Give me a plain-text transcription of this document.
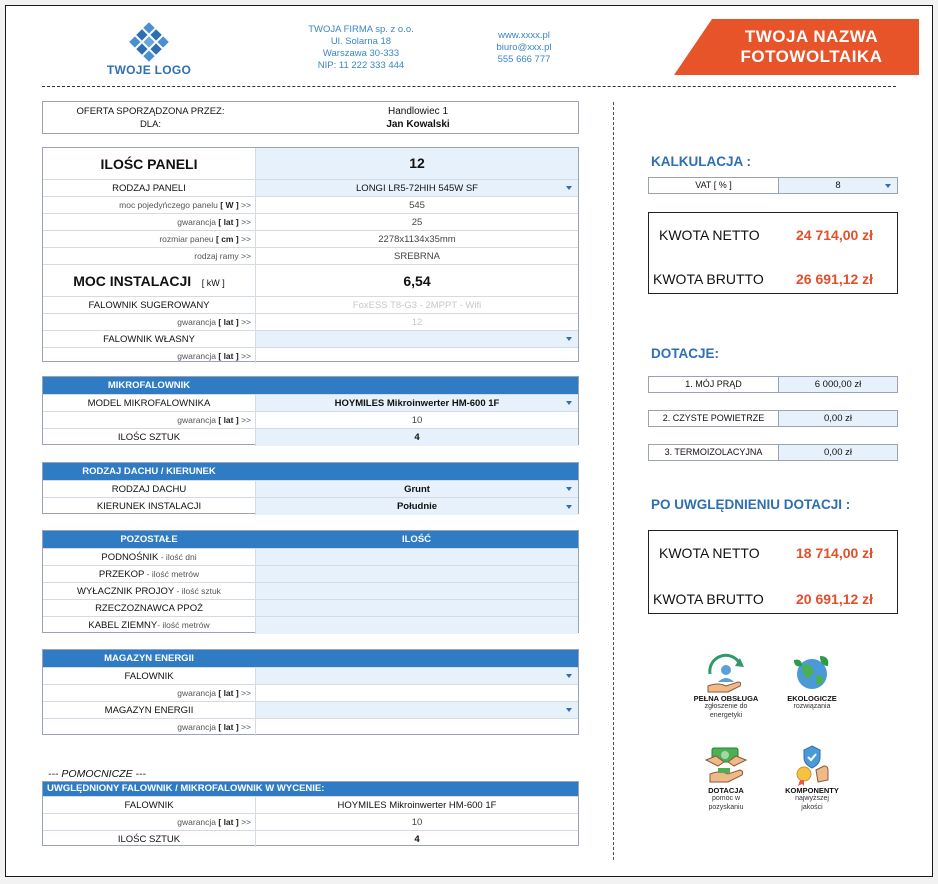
TWOJE LOGO
TWOJA FIRMA sp. z o.o.
Ul. Solarna 18
Warszawa 30-333
NIP: 11 222 333 444
www.xxxx.pl
biuro@xxx.pl
555 666 777
TWOJA NAZWA
FOTOWOLTAIKA
OFERTA SPORZĄDZONA PRZEZ:
DLA:
Handlowiec 1
Jan Kowalski
ILOŚC PANELI	12
RODZAJ PANELI	LONGI LR5-72HIH 545W SF
moc pojedyńczego panelu [ W ] >>	545
gwarancja [ lat ] >>	25
rozmiar paneu [ cm ] >>	2278x1134x35mm
rodzaj ramy >>	SREBRNA
MOC INSTALACJI [ kW ]	6,54
FALOWNIK SUGEROWANY	FoxESS T8-G3 - 2MPPT - Wifi
gwarancja [ lat ] >>	12
FALOWNIK WŁASNY
gwarancja [ lat ] >>
MIKROFALOWNIK
MODEL MIKROFALOWNIKA	HOYMILES Mikroinwerter HM-600 1F
gwarancja [ lat ] >>	10
ILOŚC SZTUK	4
RODZAJ DACHU / KIERUNEK
RODZAJ DACHU	Grunt
KIERUNEK INSTALACJI	Południe
POZOSTAŁE	ILOŚĆ
PODNOŚNIK - ilość dni
PRZEKOP - ilość metrów
WYŁACZNIK PROJOY - ilość sztuk
RZECZOZNAWCA PPOŻ
KABEL ZIEMNY- ilość metrów
MAGAZYN ENERGII
FALOWNIK
gwarancja [ lat ] >>
MAGAZYN ENERGII
gwarancja [ lat ] >>
--- POMOCNICZE ---
UWGLĘDNIONY FALOWNIK / MIKROFALOWNIK W WYCENIE:
FALOWNIK	HOYMILES Mikroinwerter HM-600 1F
gwarancja [ lat ] >>	10
ILOŚC SZTUK	4
KALKULACJA :
VAT [ % ]	8
KWOTA NETTO	24 714,00 zł
KWOTA BRUTTO 26 691,12 zł
DOTACJE:
1. MÓJ PRĄD	6 000,00 zł
2. CZYSTE POWIETRZE	0,00 zł
3. TERMOIZOLACYJNA	0,00 zł
PO UWGLĘDNIENIU DOTACJI :
KWOTA NETTO	18 714,00 zł
KWOTA BRUTTO 20 691,12 zł
PEŁNA OBSŁUGA
zgłoszenie do
energetyki
EKOLOGICZE
rozwiązania
DOTACJA
pomoc w
pozyskaniu
KOMPONENTY
najwyższej
jakości
